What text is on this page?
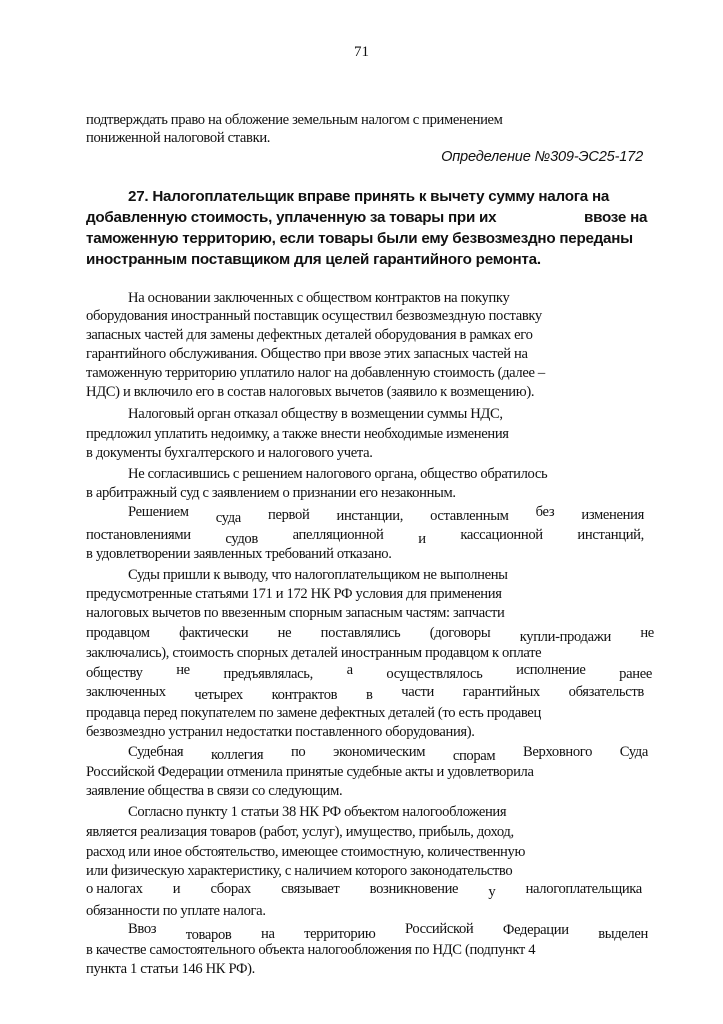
71
подтверждать право на обложение земельным налогом с применением
пониженной налоговой ставки.
Определение №309-ЭС25-172
27. Налогоплательщик вправе принять к вычету сумму налога на
добавленную стоимость, уплаченную за товары при их	ввозе на
таможенную территорию, если товары были ему безвозмездно переданы
иностранным поставщиком для целей гарантийного ремонта.
На основании заключенных с обществом контрактов на покупку
оборудования иностранный поставщик осуществил безвозмездную поставку
запасных частей для замены дефектных деталей оборудования в рамках его
гарантийного обслуживания. Общество при ввозе этих запасных частей на
таможенную территорию уплатило налог на добавленную стоимость (далее –
НДС) и включило его в состав налоговых вычетов (заявило к возмещению).
Налоговый орган отказал обществу в возмещении суммы НДС,
предложил уплатить недоимку, а также внести необходимые изменения
в документы бухгалтерского и налогового учета.
Не согласившись с решением налогового органа, общество обратилось
в арбитражный суд с заявлением о признании его незаконным.
Решением суда первой инстанции, оставленным без изменения
постановлениями судов апелляционной и кассационной инстанций,
в удовлетворении заявленных требований отказано.
Суды пришли к выводу, что налогоплательщиком не выполнены
предусмотренные статьями 171 и 172 НК РФ условия для применения
налоговых вычетов по ввезенным спорным запасным частям: запчасти
продавцом фактически не поставлялись (договоры купли-продажи не
заключались), стоимость спорных деталей иностранным продавцом к оплате
обществу не предъявлялась, а осуществлялось исполнение ранее
заключенных четырех контрактов в части гарантийных обязательств
продавца перед покупателем по замене дефектных деталей (то есть продавец
безвозмездно устранил недостатки поставленного оборудования).
Судебная коллегия по экономическим спорам Верховного Суда
Российской Федерации отменила принятые судебные акты и удовлетворила
заявление общества в связи со следующим.
Согласно пункту 1 статьи 38 НК РФ объектом налогообложения
является реализация товаров (работ, услуг), имущество, прибыль, доход,
расход или иное обстоятельство, имеющее стоимостную, количественную
или физическую характеристику, с наличием которого законодательство
о налогах и сборах связывает возникновение у налогоплательщика
обязанности по уплате налога.
Ввоз товаров на территорию Российской Федерации выделен
в качестве самостоятельного объекта налогообложения по НДС (подпункт 4
пункта 1 статьи 146 НК РФ).
